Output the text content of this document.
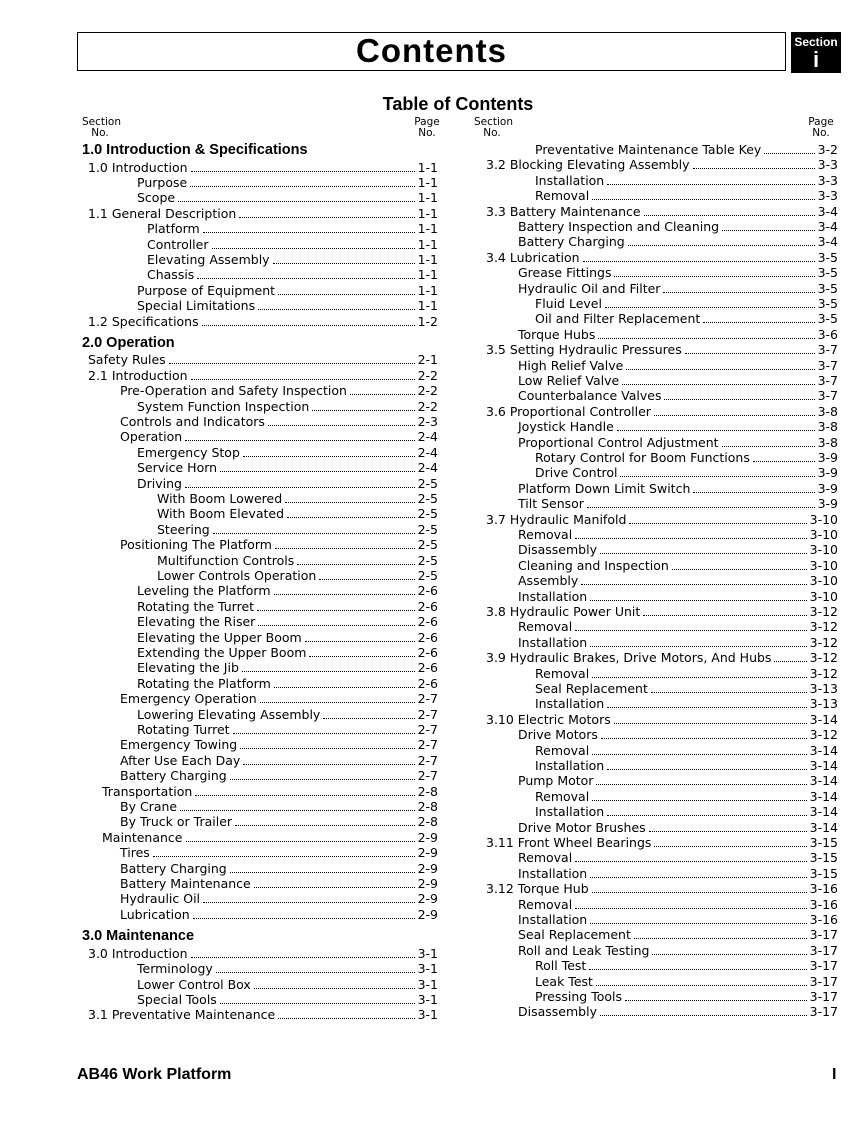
Contents	Section
i
Table of Contents
Section
No.
Page
No.
Section
No.
Page
No.
1.0 Introduction & Specifications
1.0 Introduction	1-1
Purpose	1-1
Scope	1-1
1.1 General Description	1-1
Platform	1-1
Controller	1-1
Elevating Assembly	1-1
Chassis	1-1
Purpose of Equipment	1-1
Special Limitations	1-1
1.2 Specifications	1-2
2.0 Operation
Safety Rules	2-1
2.1 Introduction	2-2
Pre-Operation and Safety Inspection	2-2
System Function Inspection	2-2
Controls and Indicators	2-3
Operation	2-4
Emergency Stop	2-4
Service Horn	2-4
Driving	2-5
With Boom Lowered	2-5
With Boom Elevated	2-5
Steering	2-5
Positioning The Platform	2-5
Multifunction Controls	2-5
Lower Controls Operation	2-5
Leveling the Platform	2-6
Rotating the Turret	2-6
Elevating the Riser	2-6
Elevating the Upper Boom	2-6
Extending the Upper Boom	2-6
Elevating the Jib	2-6
Rotating the Platform	2-6
Emergency Operation	2-7
Lowering Elevating Assembly	2-7
Rotating Turret	2-7
Emergency Towing	2-7
After Use Each Day	2-7
Battery Charging	2-7
Transportation	2-8
By Crane	2-8
By Truck or Trailer	2-8
Maintenance	2-9
Tires	2-9
Battery Charging	2-9
Battery Maintenance	2-9
Hydraulic Oil	2-9
Lubrication	2-9
3.0 Maintenance
3.0 Introduction	3-1
Terminology	3-1
Lower Control Box	3-1
Special Tools	3-1
3.1 Preventative Maintenance	3-1
Preventative Maintenance Table Key	3-2
3.2 Blocking Elevating Assembly	3-3
Installation	3-3
Removal	3-3
3.3 Battery Maintenance	3-4
Battery Inspection and Cleaning	3-4
Battery Charging	3-4
3.4 Lubrication	3-5
Grease Fittings	3-5
Hydraulic Oil and Filter	3-5
Fluid Level	3-5
Oil and Filter Replacement	3-5
Torque Hubs	3-6
3.5 Setting Hydraulic Pressures	3-7
High Relief Valve	3-7
Low Relief Valve	3-7
Counterbalance Valves	3-7
3.6 Proportional Controller	3-8
Joystick Handle	3-8
Proportional Control Adjustment	3-8
Rotary Control for Boom Functions	3-9
Drive Control	3-9
Platform Down Limit Switch	3-9
Tilt Sensor	3-9
3.7 Hydraulic Manifold	3-10
Removal	3-10
Disassembly	3-10
Cleaning and Inspection	3-10
Assembly	3-10
Installation	3-10
3.8 Hydraulic Power Unit	3-12
Removal	3-12
Installation	3-12
3.9 Hydraulic Brakes, Drive Motors, And Hubs	3-12
Removal	3-12
Seal Replacement	3-13
Installation	3-13
3.10 Electric Motors	3-14
Drive Motors	3-12
Removal	3-14
Installation	3-14
Pump Motor	3-14
Removal	3-14
Installation	3-14
Drive Motor Brushes	3-14
3.11 Front Wheel Bearings	3-15
Removal	3-15
Installation	3-15
3.12 Torque Hub	3-16
Removal	3-16
Installation	3-16
Seal Replacement	3-17
Roll and Leak Testing	3-17
Roll Test	3-17
Leak Test	3-17
Pressing Tools	3-17
Disassembly	3-17
AB46 Work Platform	I
